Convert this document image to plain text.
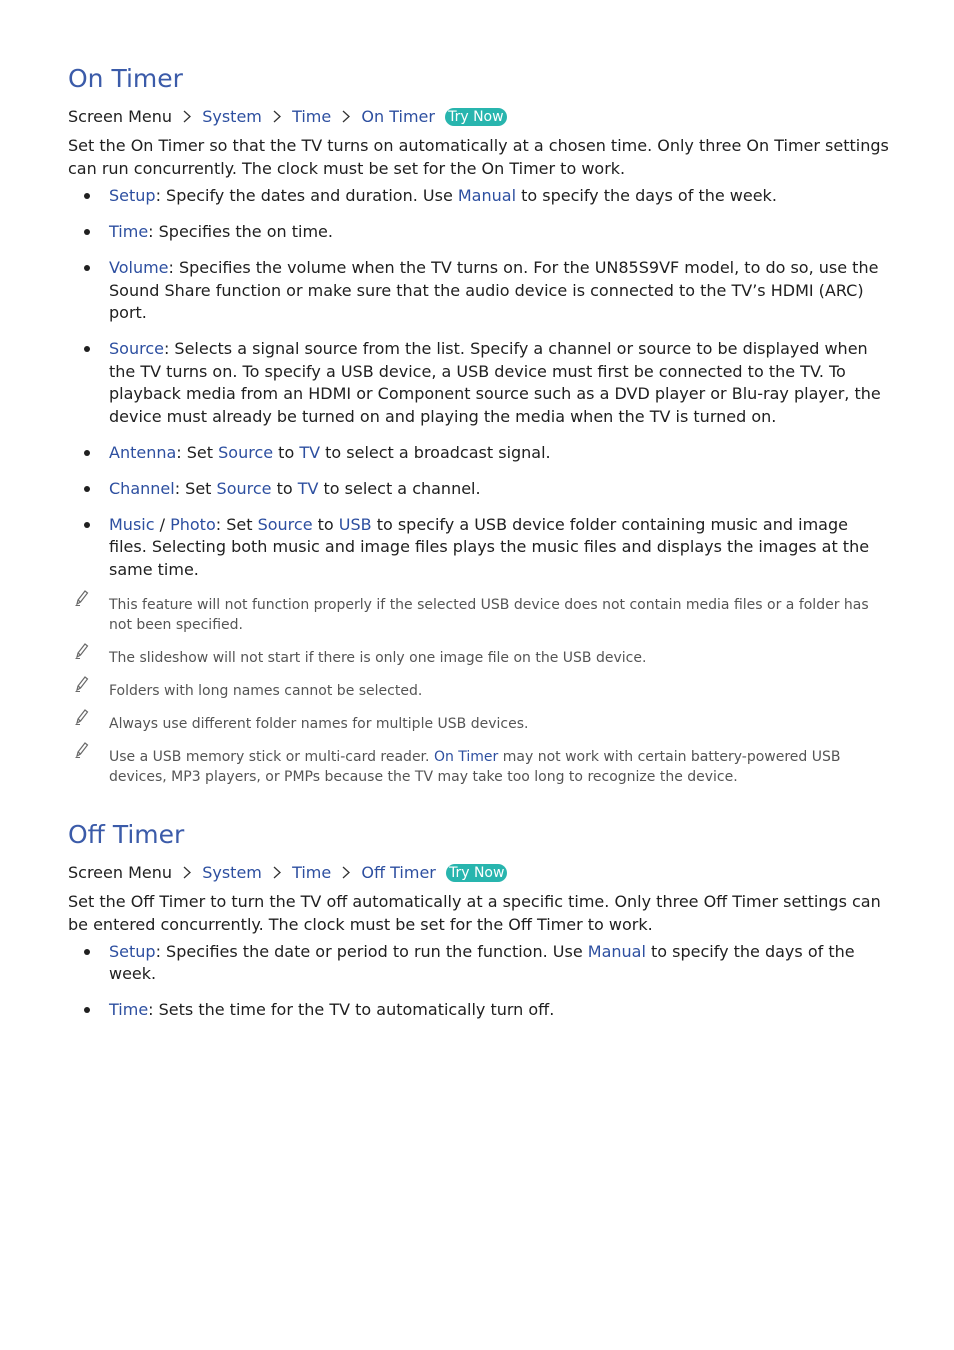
On Timer
Screen Menu System Time On Timer Try Now

Set the On Timer so that the TV turns on automatically at a chosen time. Only three On Timer settings can run concurrently. The clock must be set for the On Timer to work.

Setup: Specify the dates and duration. Use Manual to specify the days of the week.
Time: Specifies the on time.
Volume: Specifies the volume when the TV turns on. For the UN85S9VF model, to do so, use the Sound Share function or make sure that the audio device is connected to the TV’s HDMI (ARC) port.
Source: Selects a signal source from the list. Specify a channel or source to be displayed when the TV turns on. To specify a USB device, a USB device must first be connected to the TV. To playback media from an HDMI or Component source such as a DVD player or Blu-ray player, the device must already be turned on and playing the media when the TV is turned on.
Antenna: Set Source to TV to select a broadcast signal.
Channel: Set Source to TV to select a channel.
Music / Photo: Set Source to USB to specify a USB device folder containing music and image files. Selecting both music and image files plays the music files and displays the images at the same time.
This feature will not function properly if the selected USB device does not contain media files or a folder has not been specified.
The slideshow will not start if there is only one image file on the USB device.
Folders with long names cannot be selected.
Always use different folder names for multiple USB devices.
Use a USB memory stick or multi-card reader. On Timer may not work with certain battery-powered USB devices, MP3 players, or PMPs because the TV may take too long to recognize the device.
Off Timer
Screen Menu System Time Off Timer Try Now

Set the Off Timer to turn the TV off automatically at a specific time. Only three Off Timer settings can be entered concurrently. The clock must be set for the Off Timer to work.

Setup: Specifies the date or period to run the function. Use Manual to specify the days of the week.
Time: Sets the time for the TV to automatically turn off.
